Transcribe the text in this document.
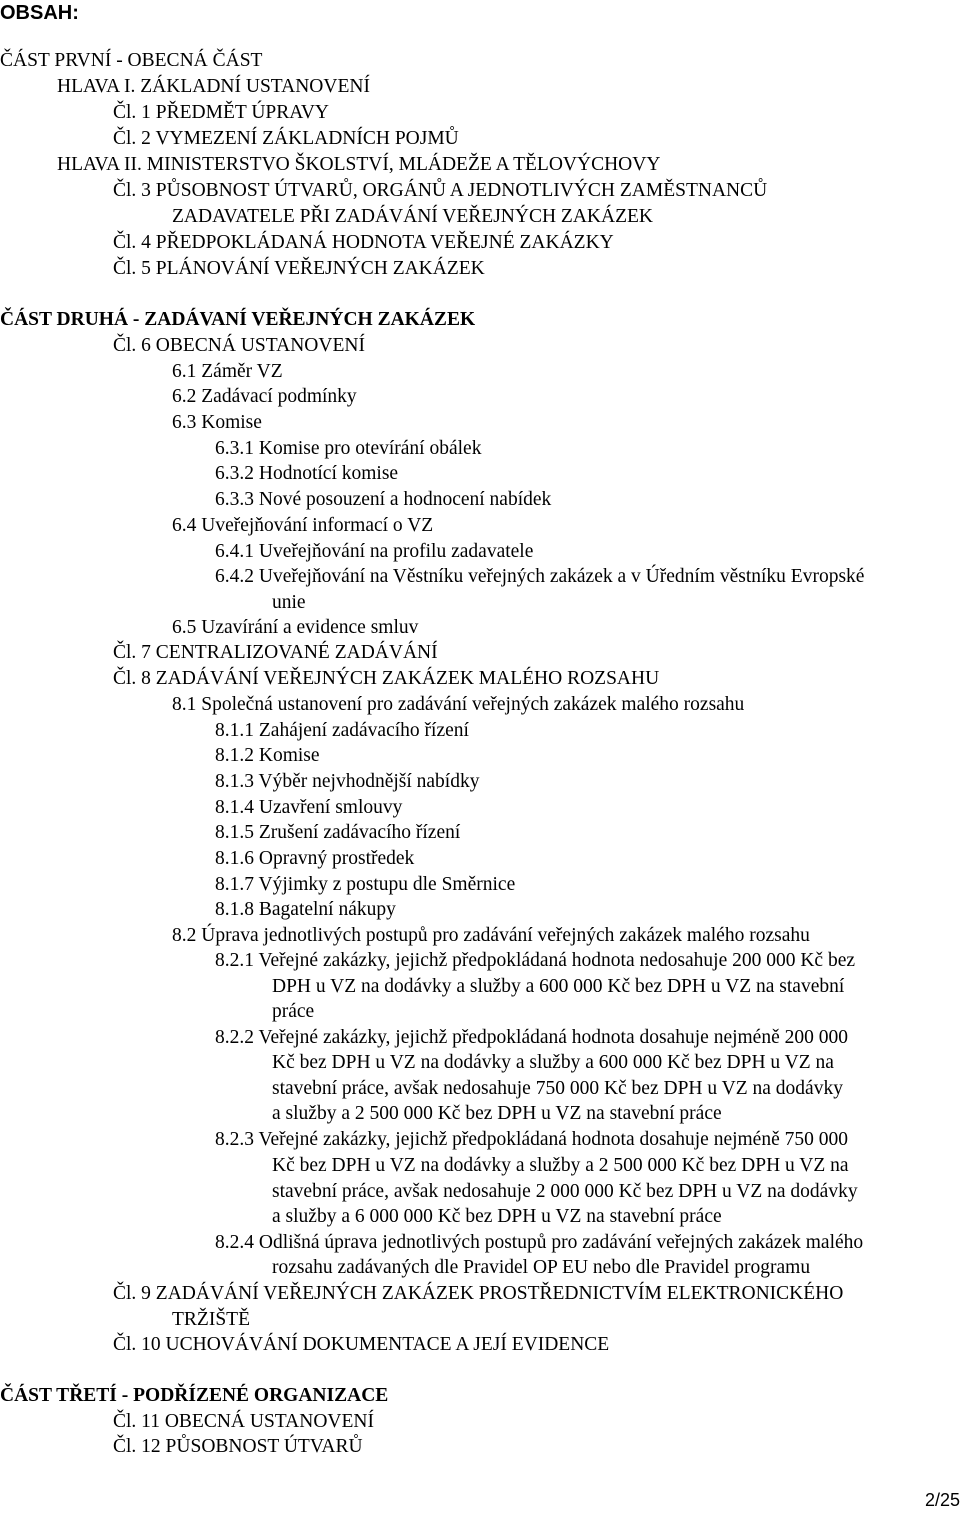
OBSAH:
ČÁST PRVNÍ - OBECNÁ ČÁST
HLAVA I. ZÁKLADNÍ USTANOVENÍ
Čl. 1 PŘEDMĚT ÚPRAVY
Čl. 2 VYMEZENÍ ZÁKLADNÍCH POJMŮ
HLAVA II. MINISTERSTVO ŠKOLSTVÍ, MLÁDEŽE A TĚLOVÝCHOVY
Čl. 3 PŮSOBNOST ÚTVARŮ, ORGÁNŮ A JEDNOTLIVÝCH ZAMĚSTNANCŮ
ZADAVATELE PŘI ZADÁVÁNÍ VEŘEJNÝCH ZAKÁZEK
Čl. 4 PŘEDPOKLÁDANÁ HODNOTA VEŘEJNÉ ZAKÁZKY
Čl. 5 PLÁNOVÁNÍ VEŘEJNÝCH ZAKÁZEK
ČÁST DRUHÁ - ZADÁVANÍ VEŘEJNÝCH ZAKÁZEK
Čl. 6 OBECNÁ USTANOVENÍ
6.1 Záměr VZ
6.2 Zadávací podmínky
6.3 Komise
6.3.1 Komise pro otevírání obálek
6.3.2 Hodnotící komise
6.3.3 Nové posouzení a hodnocení nabídek
6.4 Uveřejňování informací o VZ
6.4.1 Uveřejňování na profilu zadavatele
6.4.2 Uveřejňování na Věstníku veřejných zakázek a v Úředním věstníku Evropské
unie
6.5 Uzavírání a evidence smluv
Čl. 7 CENTRALIZOVANÉ ZADÁVÁNÍ
Čl. 8 ZADÁVÁNÍ VEŘEJNÝCH ZAKÁZEK MALÉHO ROZSAHU
8.1 Společná ustanovení pro zadávání veřejných zakázek malého rozsahu
8.1.1 Zahájení zadávacího řízení
8.1.2 Komise
8.1.3 Výběr nejvhodnější nabídky
8.1.4 Uzavření smlouvy
8.1.5 Zrušení zadávacího řízení
8.1.6 Opravný prostředek
8.1.7 Výjimky z postupu dle Směrnice
8.1.8 Bagatelní nákupy
8.2 Úprava jednotlivých postupů pro zadávání veřejných zakázek malého rozsahu
8.2.1 Veřejné zakázky, jejichž předpokládaná hodnota nedosahuje 200 000 Kč bez
DPH u VZ na dodávky a služby a 600 000 Kč bez DPH u VZ na stavební
práce
8.2.2 Veřejné zakázky, jejichž předpokládaná hodnota dosahuje nejméně 200 000
Kč bez DPH u VZ na dodávky a služby a 600 000 Kč bez DPH u VZ na
stavební práce, avšak nedosahuje 750 000 Kč bez DPH u VZ na dodávky
a služby a 2 500 000 Kč bez DPH u VZ na stavební práce
8.2.3 Veřejné zakázky, jejichž předpokládaná hodnota dosahuje nejméně 750 000
Kč bez DPH u VZ na dodávky a služby a 2 500 000 Kč bez DPH u VZ na
stavební práce, avšak nedosahuje 2 000 000 Kč bez DPH u VZ na dodávky
a služby a 6 000 000 Kč bez DPH u VZ na stavební práce
8.2.4 Odlišná úprava jednotlivých postupů pro zadávání veřejných zakázek malého
rozsahu zadávaných dle Pravidel OP EU nebo dle Pravidel programu
Čl. 9 ZADÁVÁNÍ VEŘEJNÝCH ZAKÁZEK PROSTŘEDNICTVÍM ELEKTRONICKÉHO
TRŽIŠTĚ
Čl. 10 UCHOVÁVÁNÍ DOKUMENTACE A JEJÍ EVIDENCE
ČÁST TŘETÍ - PODŘÍZENÉ ORGANIZACE
Čl. 11 OBECNÁ USTANOVENÍ
Čl. 12 PŮSOBNOST ÚTVARŮ
2/25
